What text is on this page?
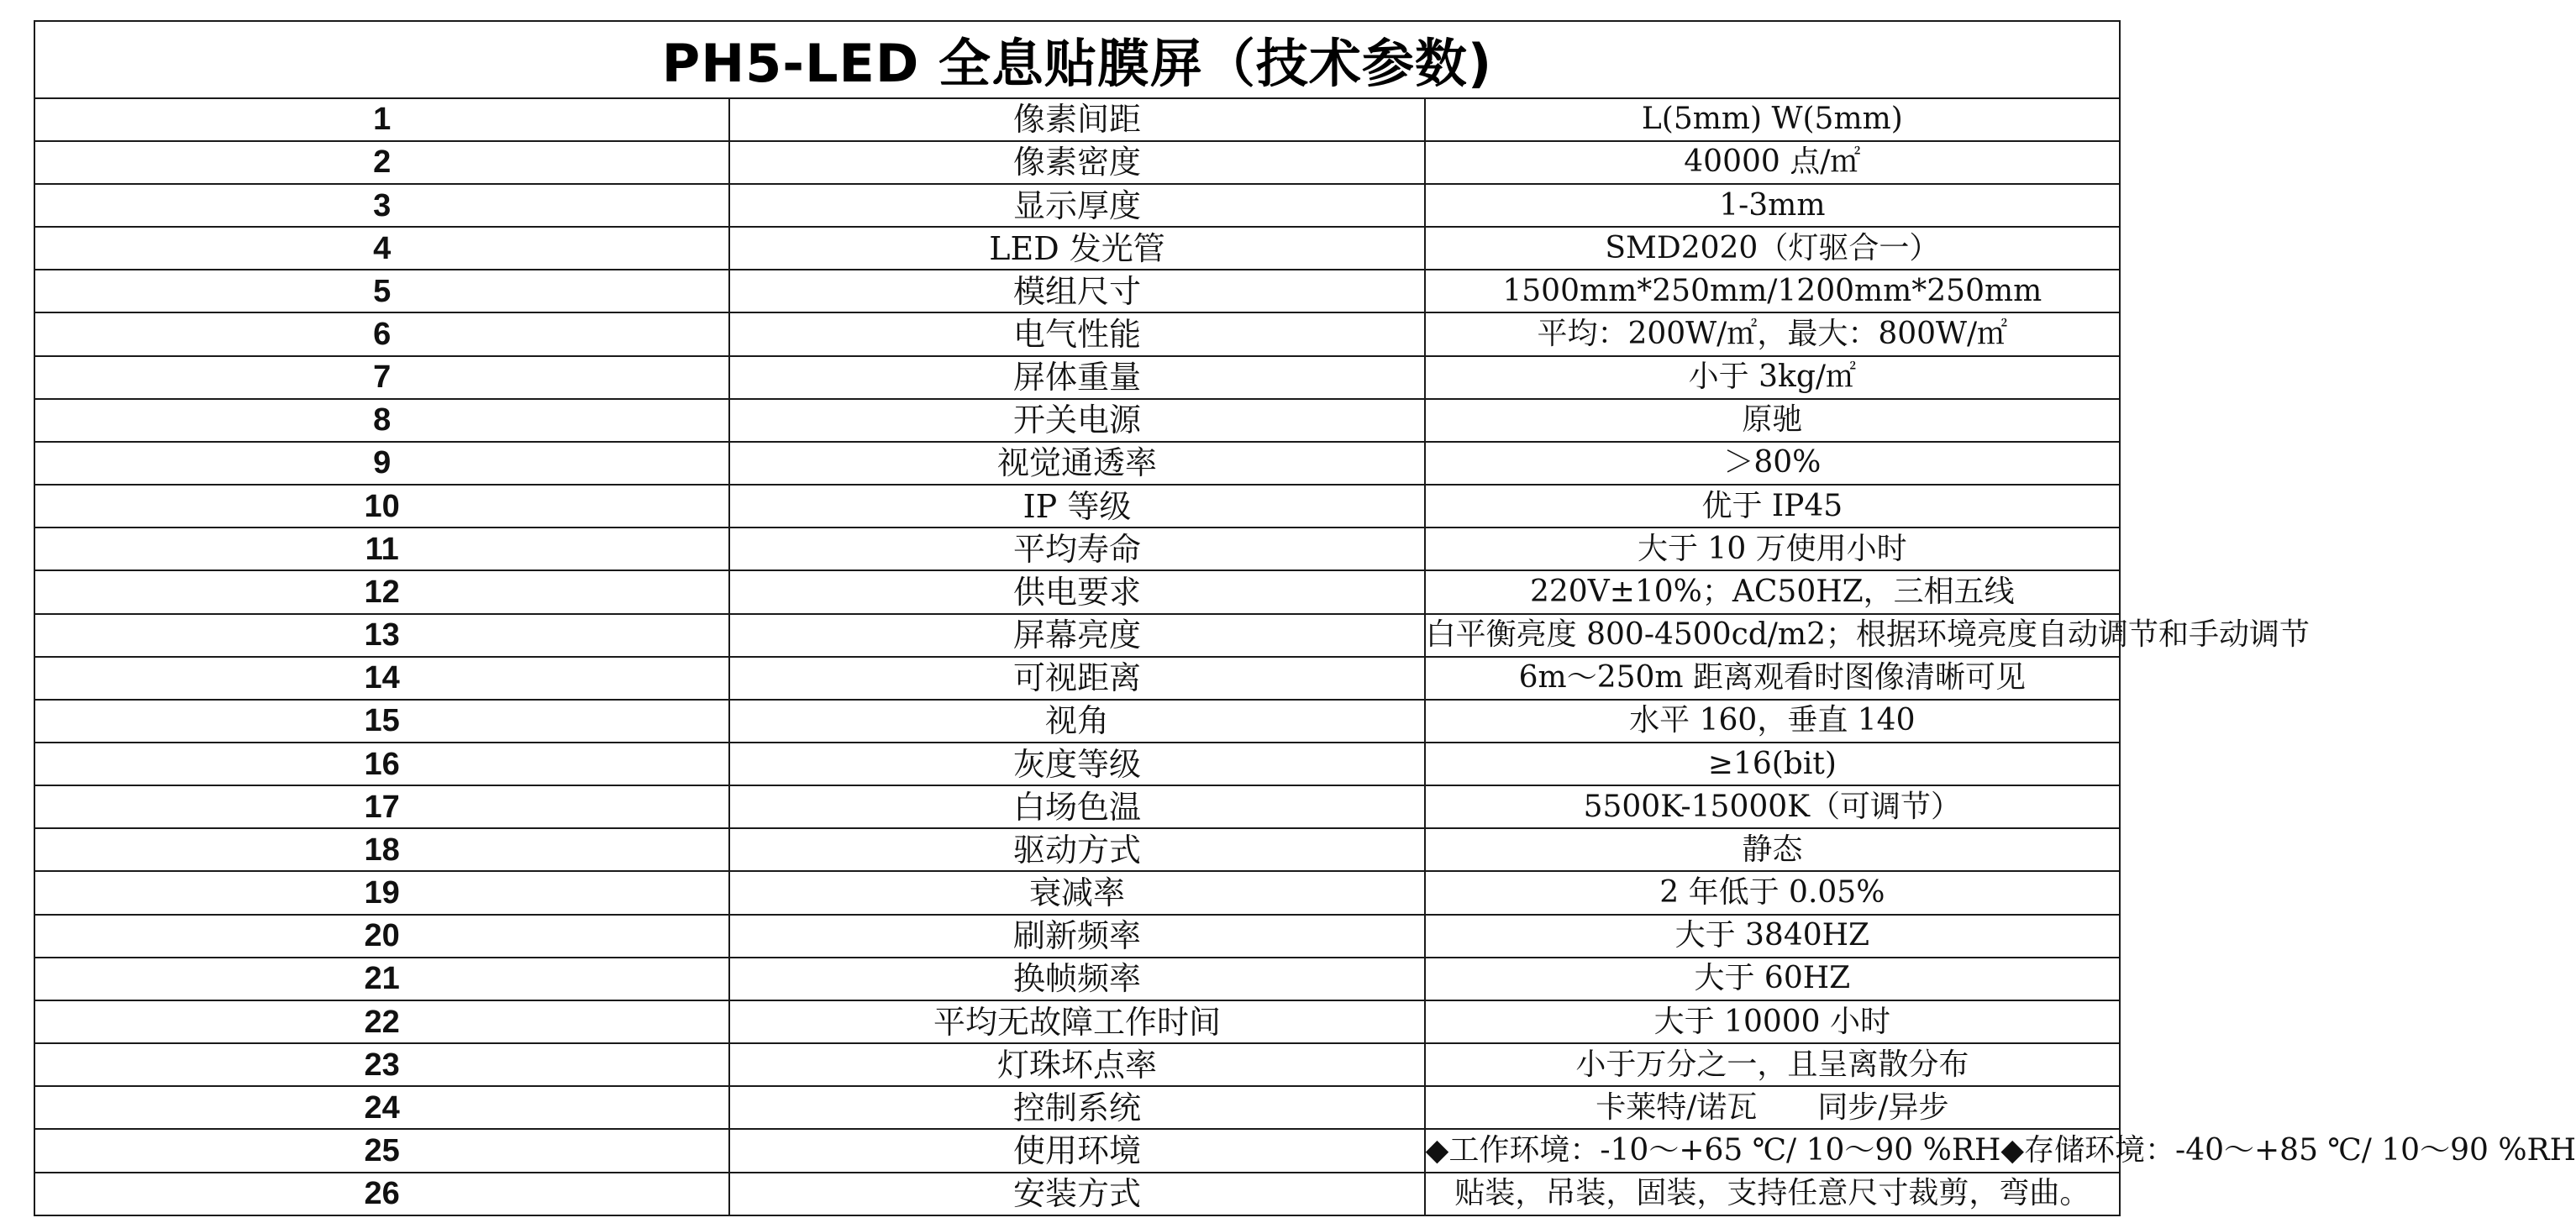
PH5-LED 全息贴膜屏（技术参数)		
1	像素间距	L(5mm) W(5mm)
2	像素密度	40000 点/㎡
3	显示厚度	1-3mm
4	LED 发光管	SMD2020（灯驱合一）
5	模组尺寸	1500mm*250mm/1200mm*250mm
6	电气性能	平均：200W/㎡，最大：800W/㎡
7	屏体重量	小于 3kg/㎡
8	开关电源	原驰
9	视觉通透率	＞80%
10	IP 等级	优于 IP45
11	平均寿命	大于 10 万使用小时
12	供电要求	220V±10%；AC50HZ，三相五线
13	屏幕亮度	白平衡亮度 800-4500cd/m2；根据环境亮度自动调节和手动调节
14	可视距离	6m～250m 距离观看时图像清晰可见
15	视角	水平 160，垂直 140
16	灰度等级	≥16(bit)
17	白场色温	5500K-15000K（可调节）
18	驱动方式	静态
19	衰减率	2 年低于 0.05%
20	刷新频率	大于 3840HZ
21	换帧频率	大于 60HZ
22	平均无故障工作时间	大于 10000 小时
23	灯珠坏点率	小于万分之一，且呈离散分布
24	控制系统	卡莱特/诺瓦　　同步/异步
25	使用环境	◆工作环境：-10～+65 ℃/ 10～90 %RH◆存储环境：-40～+85 ℃/ 10～90 %RH
26	安装方式	贴装，吊装，固装，支持任意尺寸裁剪，弯曲。
